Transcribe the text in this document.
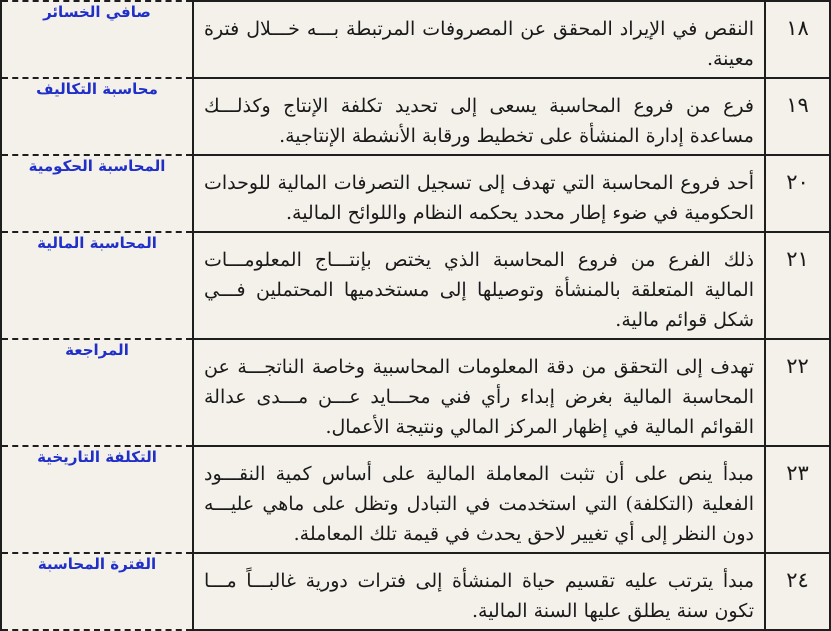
١٨	النقص في الإيراد المحقق عن المصروفات المرتبطة بـــه خـــلال فترة معينة.	صافي الخسائر
١٩	فرع من فروع المحاسبة يسعى إلى تحديد تكلفة الإنتاج وكذلـــك مساعدة إدارة المنشأة على تخطيط ورقابة الأنشطة الإنتاجية.	محاسبة التكاليف
٢٠	أحد فروع المحاسبة التي تهدف إلى تسجيل التصرفات المالية للوحدات الحكومية في ضوء إطار محدد يحكمه النظام واللوائح المالية.	المحاسبة الحكومية
٢١	ذلك الفرع من فروع المحاسبة الذي يختص بإنتـــاج المعلومـــات المالية المتعلقة بالمنشأة وتوصيلها إلى مستخدميها المحتملين فـــي شكل قوائم مالية.	المحاسبة المالية
٢٢	تهدف إلى التحقق من دقة المعلومات المحاسبية وخاصة الناتجـــة عن المحاسبة المالية بغرض إبداء رأي فني محـــايد عـــن مـــدى عدالة القوائم المالية في إظهار المركز المالي ونتيجة الأعمال.	المراجعة
٢٣	مبدأ ينص على أن تثبت المعاملة المالية على أساس كمية النقـــود الفعلية (التكلفة) التي استخدمت في التبادل وتظل على ماهي عليـــه دون النظر إلى أي تغيير لاحق يحدث في قيمة تلك المعاملة.	التكلفة التاريخية
٢٤	مبدأ يترتب عليه تقسيم حياة المنشأة إلى فترات دورية غالبـــاً مـــا تكون سنة يطلق عليها السنة المالية.	الفترة المحاسبة
